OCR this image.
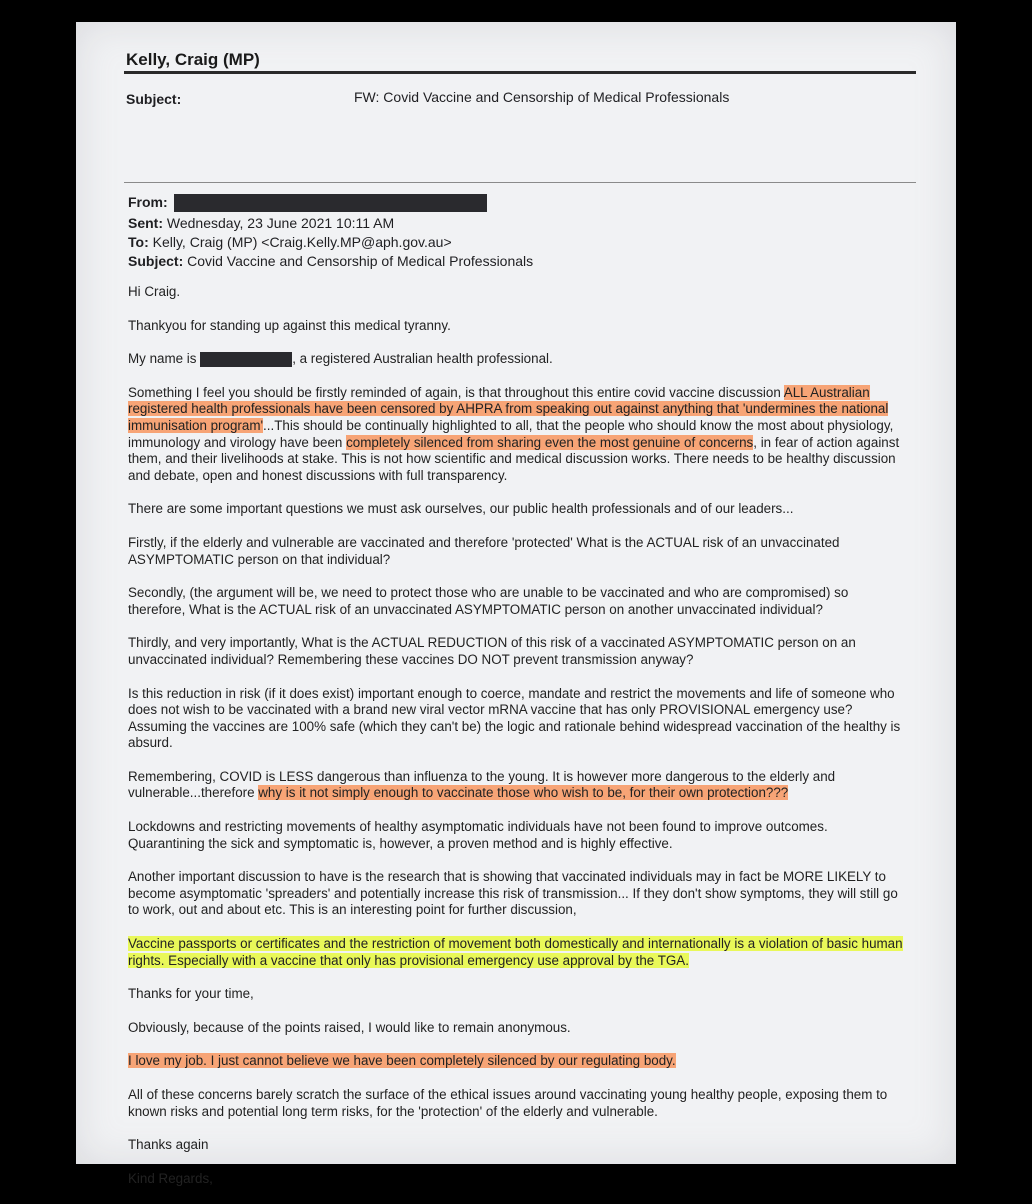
Kelly, Craig (MP)
Subject:	FW: Covid Vaccine and Censorship of Medical Professionals
From:
Sent: Wednesday, 23 June 2021 10:11 AM
To: Kelly, Craig (MP) <Craig.Kelly.MP@aph.gov.au>
Subject: Covid Vaccine and Censorship of Medical Professionals

Hi Craig.

Thankyou for standing up against this medical tyranny.

My name is	, a registered Australian health professional.

Something I feel you should be firstly reminded of again, is that throughout this entire covid vaccine discussion ALL Australian registered health professionals have been censored by AHPRA from speaking out against anything that 'undermines the national immunisation program'...This should be continually highlighted to all, that the people who should know the most about physiology, immunology and virology have been completely silenced from sharing even the most genuine of concerns, in fear of action against them, and their livelihoods at stake. This is not how scientific and medical discussion works. There needs to be healthy discussion and debate, open and honest discussions with full transparency.

There are some important questions we must ask ourselves, our public health professionals and of our leaders...

Firstly, if the elderly and vulnerable are vaccinated and therefore 'protected' What is the ACTUAL risk of an unvaccinated ASYMPTOMATIC person on that individual?

Secondly, (the argument will be, we need to protect those who are unable to be vaccinated and who are compromised) so therefore, What is the ACTUAL risk of an unvaccinated ASYMPTOMATIC person on another unvaccinated individual?

Thirdly, and very importantly, What is the ACTUAL REDUCTION of this risk of a vaccinated ASYMPTOMATIC person on an unvaccinated individual? Remembering these vaccines DO NOT prevent transmission anyway?

Is this reduction in risk (if it does exist) important enough to coerce, mandate and restrict the movements and life of someone who does not wish to be vaccinated with a brand new viral vector mRNA vaccine that has only PROVISIONAL emergency use? Assuming the vaccines are 100% safe (which they can't be) the logic and rationale behind widespread vaccination of the healthy is absurd.

Remembering, COVID is LESS dangerous than influenza to the young. It is however more dangerous to the elderly and vulnerable...therefore why is it not simply enough to vaccinate those who wish to be, for their own protection???

Lockdowns and restricting movements of healthy asymptomatic individuals have not been found to improve outcomes. Quarantining the sick and symptomatic is, however, a proven method and is highly effective.

Another important discussion to have is the research that is showing that vaccinated individuals may in fact be MORE LIKELY to become asymptomatic 'spreaders' and potentially increase this risk of transmission... If they don't show symptoms, they will still go to work, out and about etc. This is an interesting point for further discussion,

Vaccine passports or certificates and the restriction of movement both domestically and internationally is a violation of basic human rights. Especially with a vaccine that only has provisional emergency use approval by the TGA.

Thanks for your time,

Obviously, because of the points raised, I would like to remain anonymous.

I love my job. I just cannot believe we have been completely silenced by our regulating body.

All of these concerns barely scratch the surface of the ethical issues around vaccinating young healthy people, exposing them to known risks and potential long term risks, for the 'protection' of the elderly and vulnerable.

Thanks again

Kind Regards,
